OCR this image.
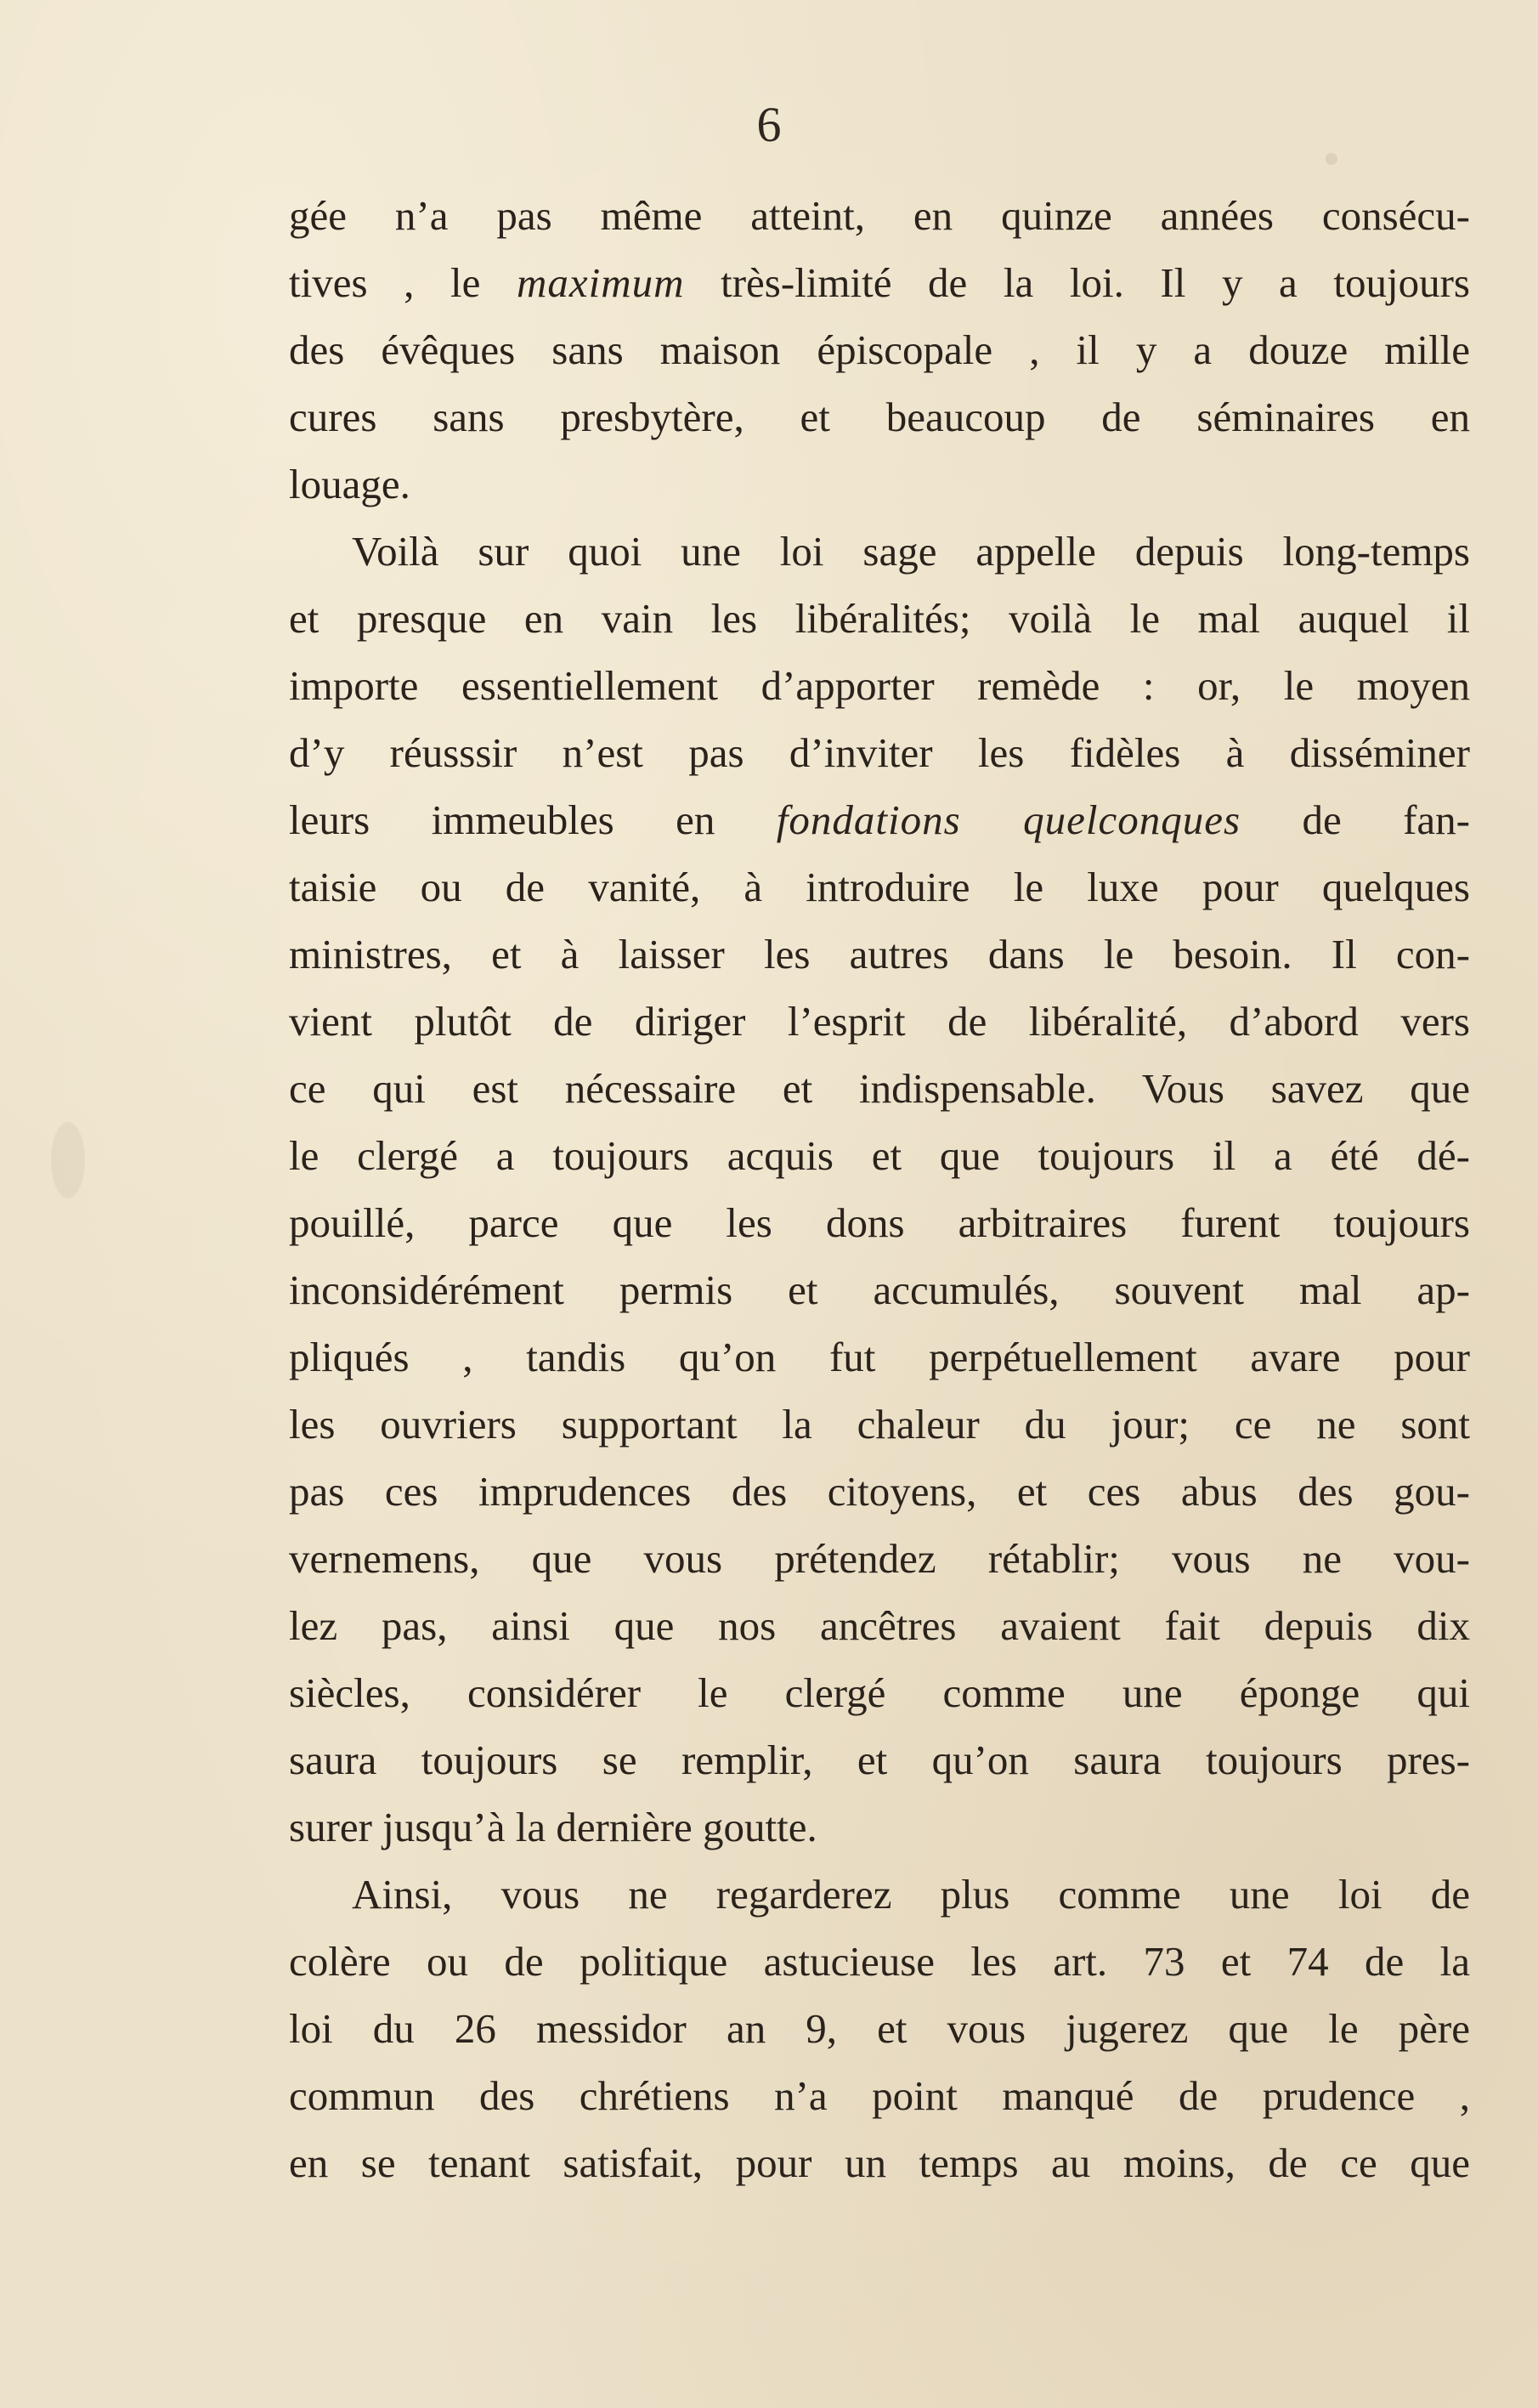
6
gée n’a pas même atteint, en quinze années consécu-
tives , le maximum très-limité de la loi. Il y a toujours
des évêques sans maison épiscopale , il y a douze mille
cures sans presbytère, et beaucoup de séminaires en
louage.
Voilà sur quoi une loi sage appelle depuis long-temps
et presque en vain les libéralités; voilà le mal auquel il
importe essentiellement d’apporter remède : or, le moyen
d’y réusssir n’est pas d’inviter les fidèles à disséminer
leurs immeubles en fondations quelconques de fan-
taisie ou de vanité, à introduire le luxe pour quelques
ministres, et à laisser les autres dans le besoin. Il con-
vient plutôt de diriger l’esprit de libéralité, d’abord vers
ce qui est nécessaire et indispensable. Vous savez que
le clergé a toujours acquis et que toujours il a été dé-
pouillé, parce que les dons arbitraires furent toujours
inconsidérément permis et accumulés, souvent mal ap-
pliqués , tandis qu’on fut perpétuellement avare pour
les ouvriers supportant la chaleur du jour; ce ne sont
pas ces imprudences des citoyens, et ces abus des gou-
vernemens, que vous prétendez rétablir; vous ne vou-
lez pas, ainsi que nos ancêtres avaient fait depuis dix
siècles, considérer le clergé comme une éponge qui
saura toujours se remplir, et qu’on saura toujours pres-
surer jusqu’à la dernière goutte.
Ainsi, vous ne regarderez plus comme une loi de
colère ou de politique astucieuse les art. 73 et 74 de la
loi du 26 messidor an 9, et vous jugerez que le père
commun des chrétiens n’a point manqué de prudence ,
en se tenant satisfait, pour un temps au moins, de ce que
